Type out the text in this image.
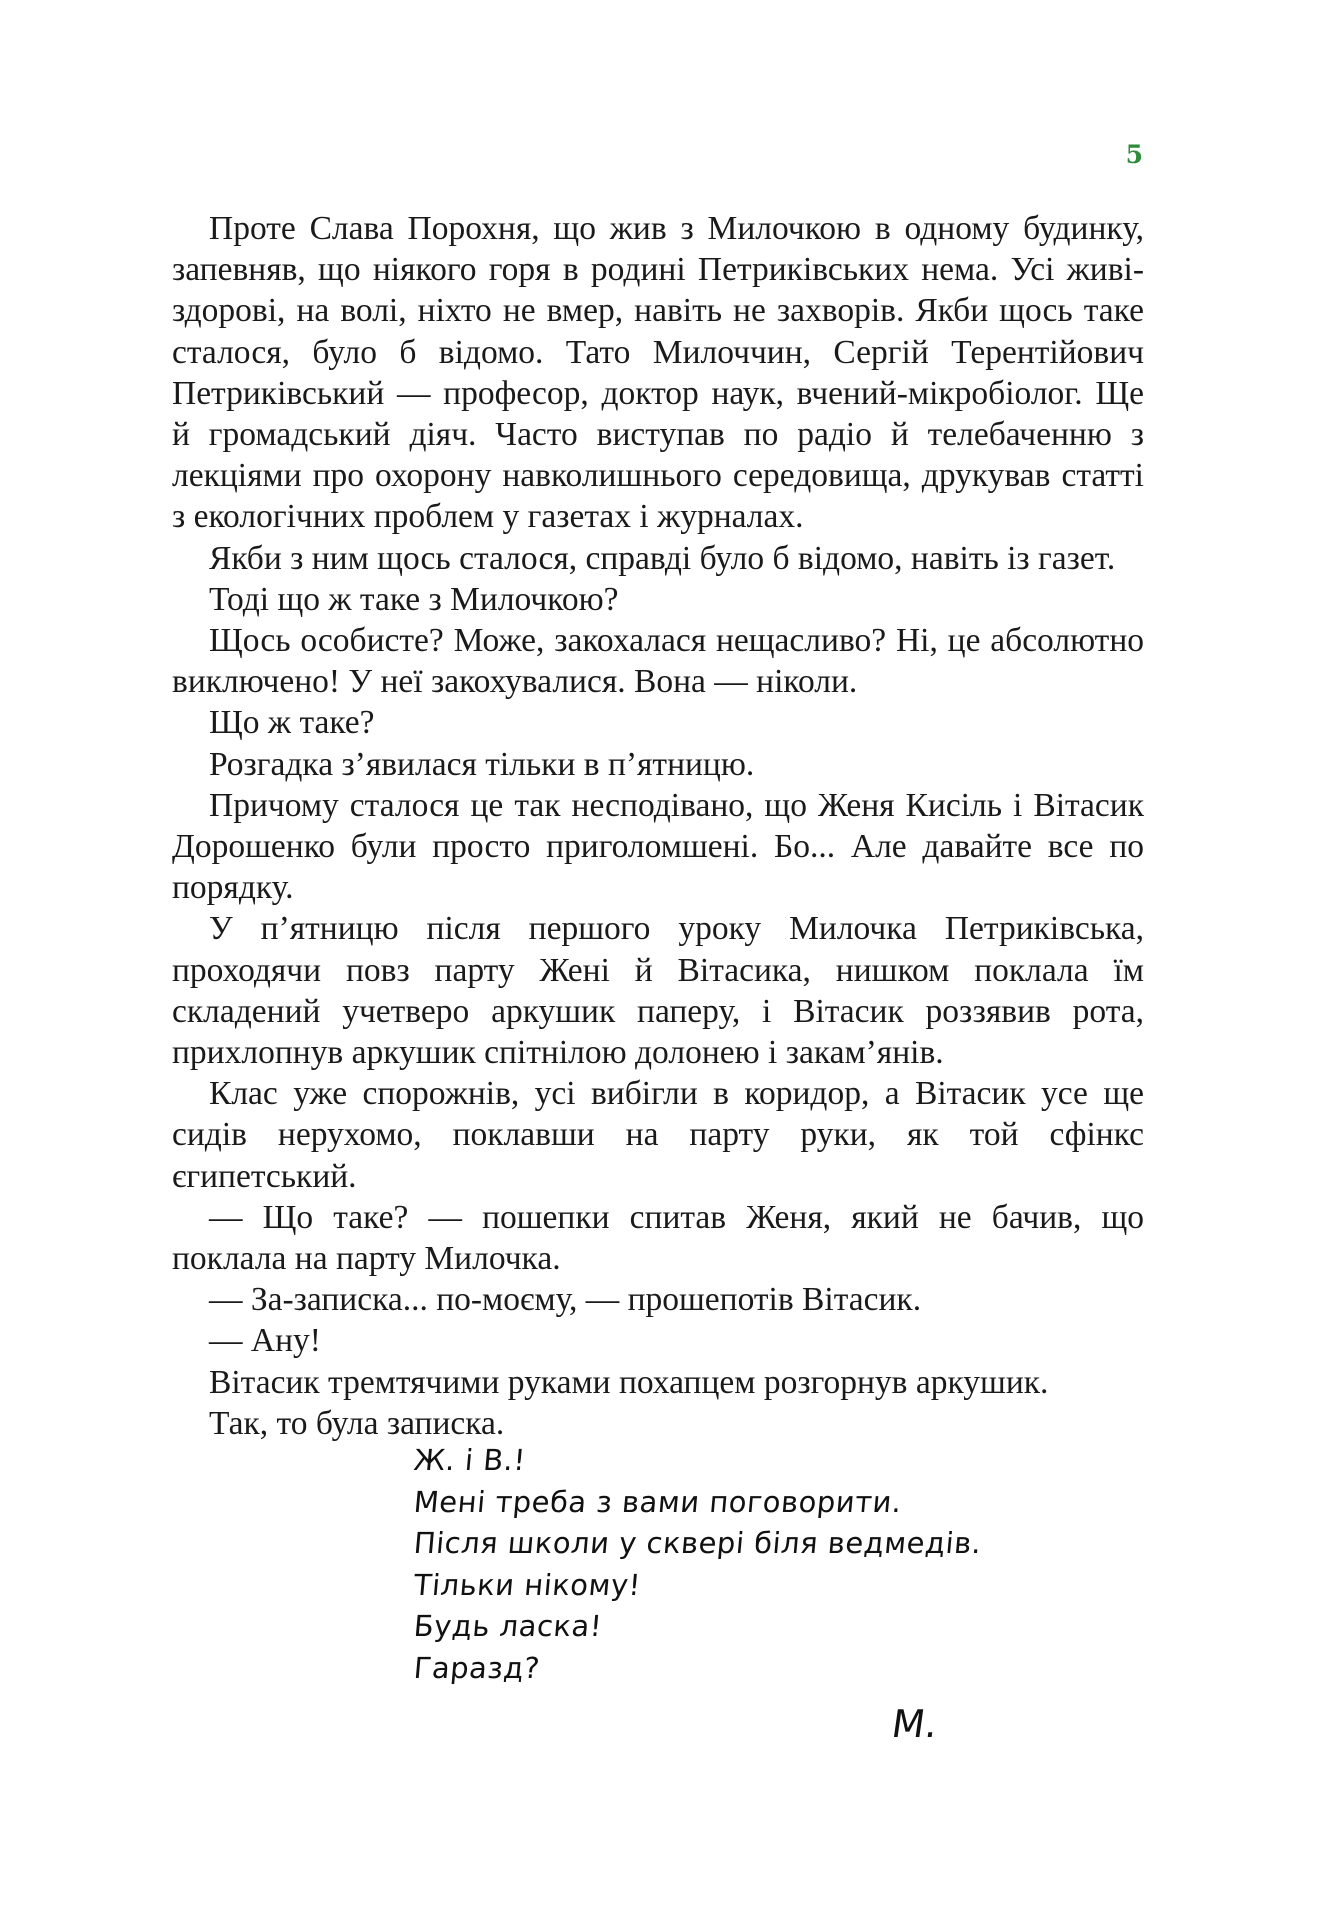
5

Проте Слава Порохня, що жив з Милочкою в одному будинку, запевняв, що ніякого горя в родині Петриківських нема. Усі живі-здорові, на волі, ніхто не вмер, навіть не захворів. Якби щось таке сталося, було б відомо. Тато Милоччин, Сергій Терентійович Петриківський — професор, доктор наук, вчений-мікробіолог. Ще й громадський діяч. Часто виступав по радіо й телебаченню з лекціями про охорону навколишнього середовища, друкував статті з екологічних проблем у газетах і журналах.

Якби з ним щось сталося, справді було б відомо, навіть із газет.

Тоді що ж таке з Милочкою?

Щось особисте? Може, закохалася нещасливо? Ні, це абсолютно виключено! У неї закохувалися. Вона — ніколи.

Що ж таке?

Розгадка з’явилася тільки в п’ятницю.

Причому сталося це так несподівано, що Женя Кисіль і Вітасик Дорошенко були просто приголомшені. Бо... Але давайте все по порядку.

У п’ятницю після першого уроку Милочка Петриківська, проходячи повз парту Жені й Вітасика, нишком поклала їм складений учетверо аркушик паперу, і Вітасик роззявив рота, прихлопнув аркушик спітнілою долонею і закам’янів.

Клас уже спорожнів, усі вибігли в коридор, а Вітасик усе ще сидів нерухомо, поклавши на парту руки, як той сфінкс єгипетський.

— Що таке? — пошепки спитав Женя, який не бачив, що поклала на парту Милочка.

— За-записка... по-моєму, — прошепотів Вітасик.

— Ану!

Вітасик тремтячими руками похапцем розгорнув аркушик.

Так, то була записка.

Ж. і В.!
Мені треба з вами поговорити.
Після школи у сквері біля ведмедів.
Тільки нікому!
Будь ласка!
Гаразд?
М.
